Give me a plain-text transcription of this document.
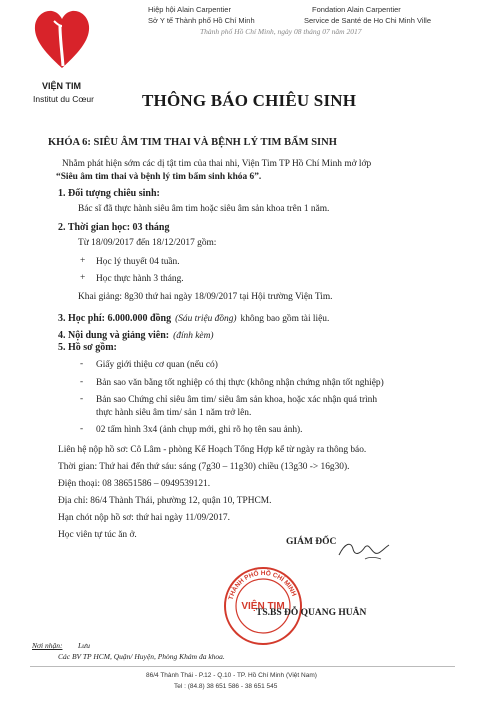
VIỆN TIM
Institut du Cœur
Hiệp hội Alain Carpentier
Sở Y tế Thành phố Hồ Chí Minh
Fondation Alain Carpentier
Service de Santé de Ho Chi Minh Ville
Thành phố Hồ Chí Minh, ngày 08 tháng 07 năm 2017
THÔNG BÁO CHIÊU SINH
KHÓA 6: SIÊU ÂM TIM THAI VÀ BỆNH LÝ TIM BẨM SINH
Nhằm phát hiện sớm các dị tật tim của thai nhi, Viện Tim TP Hồ Chí Minh mở lớp
“Siêu âm tim thai và bệnh lý tim bẩm sinh khóa 6”.
1. Đối tượng chiêu sinh:
Bác sĩ đã thực hành siêu âm tim hoặc siêu âm sản khoa trên 1 năm.
2. Thời gian học: 03 tháng
Từ 18/09/2017 đến 18/12/2017 gồm:
+ Học lý thuyết 04 tuần.
+ Học thực hành 3 tháng.
Khai giảng: 8g30 thứ hai ngày 18/09/2017 tại Hội trường Viện Tim.
3. Học phí: 6.000.000 đồng (Sáu triệu đồng) không bao gồm tài liệu.
4. Nội dung và giảng viên: (đính kèm)
5. Hồ sơ gồm:
- Giấy giới thiệu cơ quan (nếu có)
- Bản sao văn bằng tốt nghiệp có thị thực (không nhận chứng nhận tốt nghiệp)
- Bản sao Chứng chỉ siêu âm tim/ siêu âm sản khoa, hoặc xác nhận quá trình
thực hành siêu âm tim/ sản 1 năm trở lên.
- 02 tấm hình 3x4 (ảnh chụp mới, ghi rõ họ tên sau ảnh).
Liên hệ nộp hồ sơ: Cô Lâm - phòng Kế Hoạch Tổng Hợp kể từ ngày ra thông báo.
Thời gian: Thứ hai đến thứ sáu: sáng (7g30 – 11g30) chiều (13g30 -> 16g30).
Điện thoại: 08 38651586 – 0949539121.
Địa chỉ: 86/4 Thành Thái, phường 12, quận 10, TPHCM.
Hạn chót nộp hồ sơ: thứ hai ngày 11/09/2017.
Học viên tự túc ăn ở.
GIÁM ĐỐC
THÀNH PHỐ HỒ CHÍ MINH
VIỆN TIM
TS.BS ĐỖ QUANG HUÂN
Nơi nhận: Lưu
Các BV TP HCM, Quận/ Huyện, Phòng Khám đa khoa.
86/4 Thành Thái - P.12 - Q.10 - TP. Hồ Chí Minh (Việt Nam)
Tel : (84.8) 38 651 586 - 38 651 545
